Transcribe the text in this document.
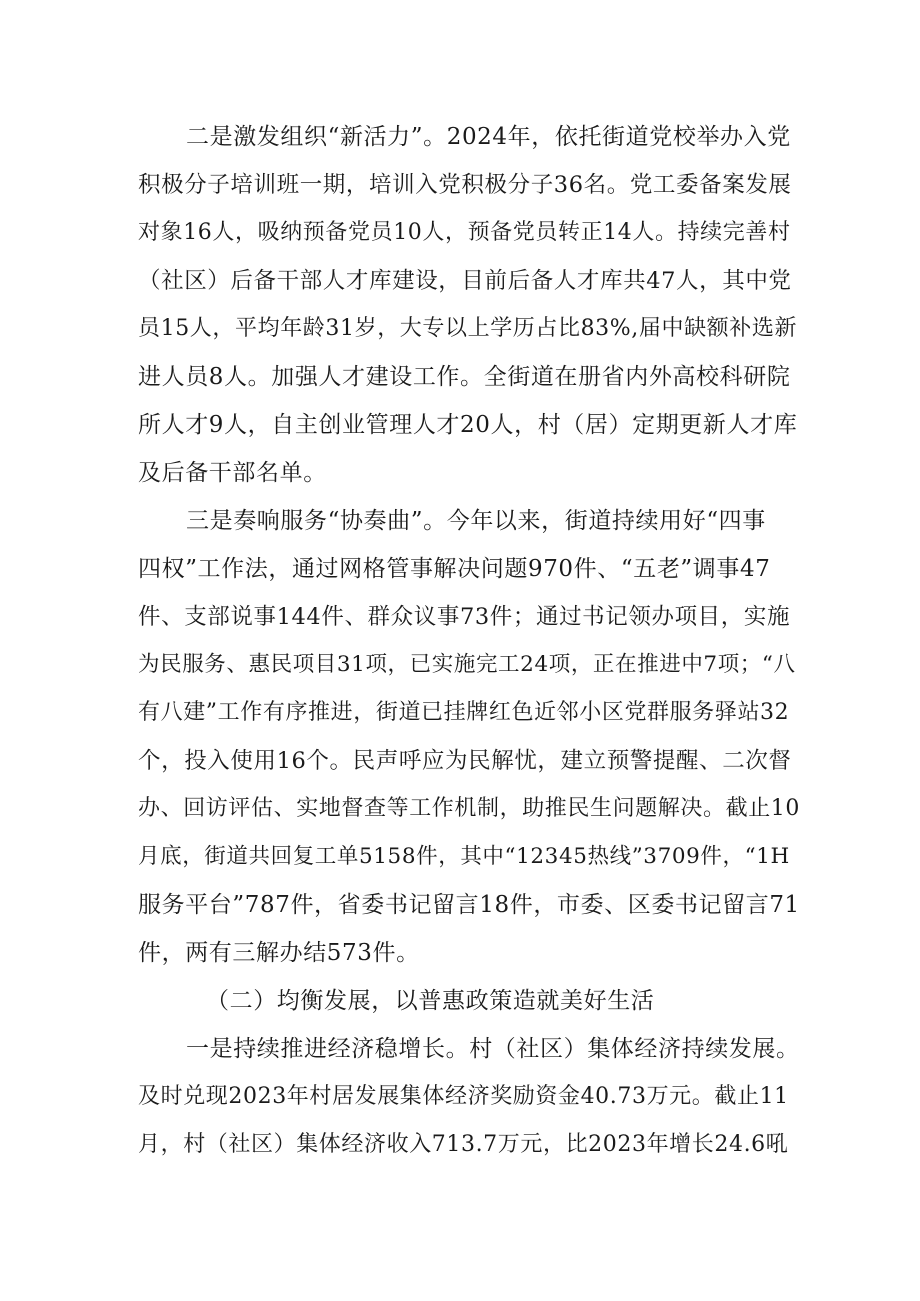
二是激发组织“新活力”。2024年，依托街道党校举办入党
积极分子培训班一期，培训入党积极分子36名。党工委备案发展
对象16人，吸纳预备党员10人，预备党员转正14人。持续完善村
（社区）后备干部人才库建设，目前后备人才库共47人，其中党
员15人，平均年龄31岁，大专以上学历占比83%,届中缺额补选新
进人员8人。加强人才建设工作。全街道在册省内外高校科研院
所人才9人，自主创业管理人才20人，村（居）定期更新人才库
及后备干部名单。
三是奏响服务“协奏曲”。今年以来，街道持续用好“四事
四权”工作法，通过网格管事解决问题970件、“五老”调事47
件、支部说事144件、群众议事73件；通过书记领办项目，实施
为民服务、惠民项目31项，已实施完工24项，正在推进中7项；“八
有八建”工作有序推进，街道已挂牌红色近邻小区党群服务驿站32
个，投入使用16个。民声呼应为民解忧，建立预警提醒、二次督
办、回访评估、实地督查等工作机制，助推民生问题解决。截止10
月底，街道共回复工单5158件，其中“12345热线”3709件，“1H
服务平台”787件，省委书记留言18件，市委、区委书记留言71
件，两有三解办结573件。
（二）均衡发展，以普惠政策造就美好生活
一是持续推进经济稳增长。村（社区）集体经济持续发展。
及时兑现2023年村居发展集体经济奖励资金40.73万元。截止11
月，村（社区）集体经济收入713.7万元，比2023年增长24.6吼
